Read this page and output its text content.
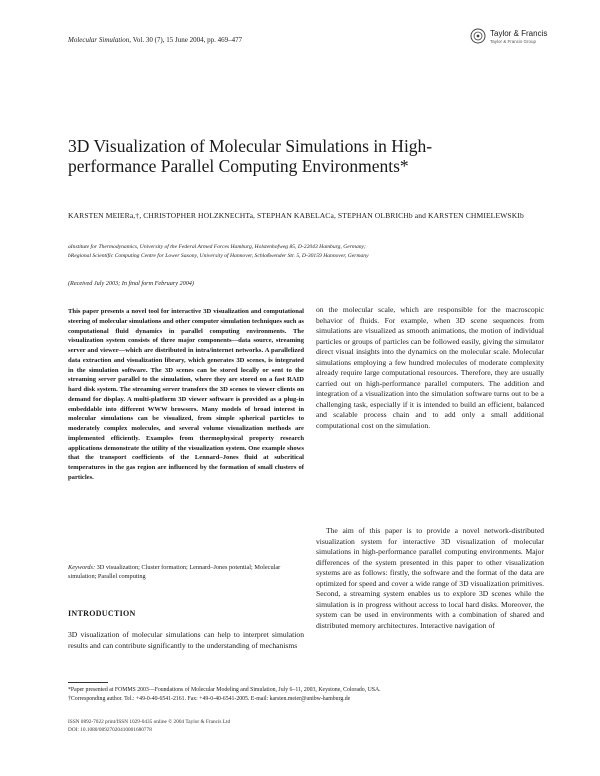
Molecular Simulation, Vol. 30 (7), 15 June 2004, pp. 469–477
Taylor & Francis
Taylor & Francis Group
3D Visualization of Molecular Simulations in High-performance Parallel Computing Environments*
KARSTEN MEIERa,†, CHRISTOPHER HOLZKNECHTa, STEPHAN KABELACa, STEPHAN OLBRICHb and KARSTEN CHMIELEWSKIb
aInstitute for Thermodynamics, University of the Federal Armed Forces Hamburg, Holstenhofweg 85, D-22043 Hamburg, Germany;
bRegional Scientific Computing Centre for Lower Saxony, University of Hannover, Schloßwender Str. 5, D-30159 Hannover, Germany
(Received July 2003; In final form February 2004)
This paper presents a novel tool for interactive 3D visualization and computational steering of molecular simulations and other computer simulation techniques such as computational fluid dynamics in parallel computing environments. The visualization system consists of three major components—data source, streaming server and viewer—which are distributed in intra/internet networks. A parallelized data extraction and visualization library, which generates 3D scenes, is integrated in the simulation software. The 3D scenes can be stored locally or sent to the streaming server parallel to the simulation, where they are stored on a fast RAID hard disk system. The streaming server transfers the 3D scenes to viewer clients on demand for display. A multi-platform 3D viewer software is provided as a plug-in embeddable into different WWW browsers. Many models of broad interest in molecular simulations can be visualized, from simple spherical particles to moderately complex molecules, and several volume visualization methods are implemented efficiently. Examples from thermophysical property research applications demonstrate the utility of the visualization system. One example shows that the transport coefficients of the Lennard–Jones fluid at subcritical temperatures in the gas region are influenced by the formation of small clusters of particles.
Keywords: 3D visualization; Cluster formation; Lennard–Jones potential; Molecular simulation; Parallel computing
INTRODUCTION
3D visualization of molecular simulations can help to interpret simulation results and can contribute significantly to the understanding of mechanisms
on the molecular scale, which are responsible for the macroscopic behavior of fluids. For example, when 3D scene sequences from simulations are visualized as smooth animations, the motion of individual particles or groups of particles can be followed easily, giving the simulator direct visual insights into the dynamics on the molecular scale. Molecular simulations employing a few hundred molecules of moderate complexity already require large computational resources. Therefore, they are usually carried out on high-performance parallel computers. The addition and integration of a visualization into the simulation software turns out to be a challenging task, especially if it is intended to build an efficient, balanced and scalable process chain and to add only a small additional computational cost on the simulation.
The aim of this paper is to provide a novel network-distributed visualization system for interactive 3D visualization of molecular simulations in high-performance parallel computing environments. Major differences of the system presented in this paper to other visualization systems are as follows: firstly, the software and the format of the data are optimized for speed and cover a wide range of 3D visualization primitives. Second, a streaming system enables us to explore 3D scenes while the simulation is in progress without access to local hard disks. Moreover, the system can be used in environments with a combination of shared and distributed memory architectures. Interactive navigation of
*Paper presented at FOMMS 2003—Foundations of Molecular Modeling and Simulation, July 6–11, 2003, Keystone, Colorado, USA.
†Corresponding author. Tel.: +49-0-40-6541-2161. Fax: +49-0-40-6541-2005. E-mail: karsten.meier@unibw-hamburg.de
ISSN 0892-7022 print/ISSN 1029-0435 online © 2004 Taylor & Francis Ltd
DOI: 10.1080/08927020410001680778
